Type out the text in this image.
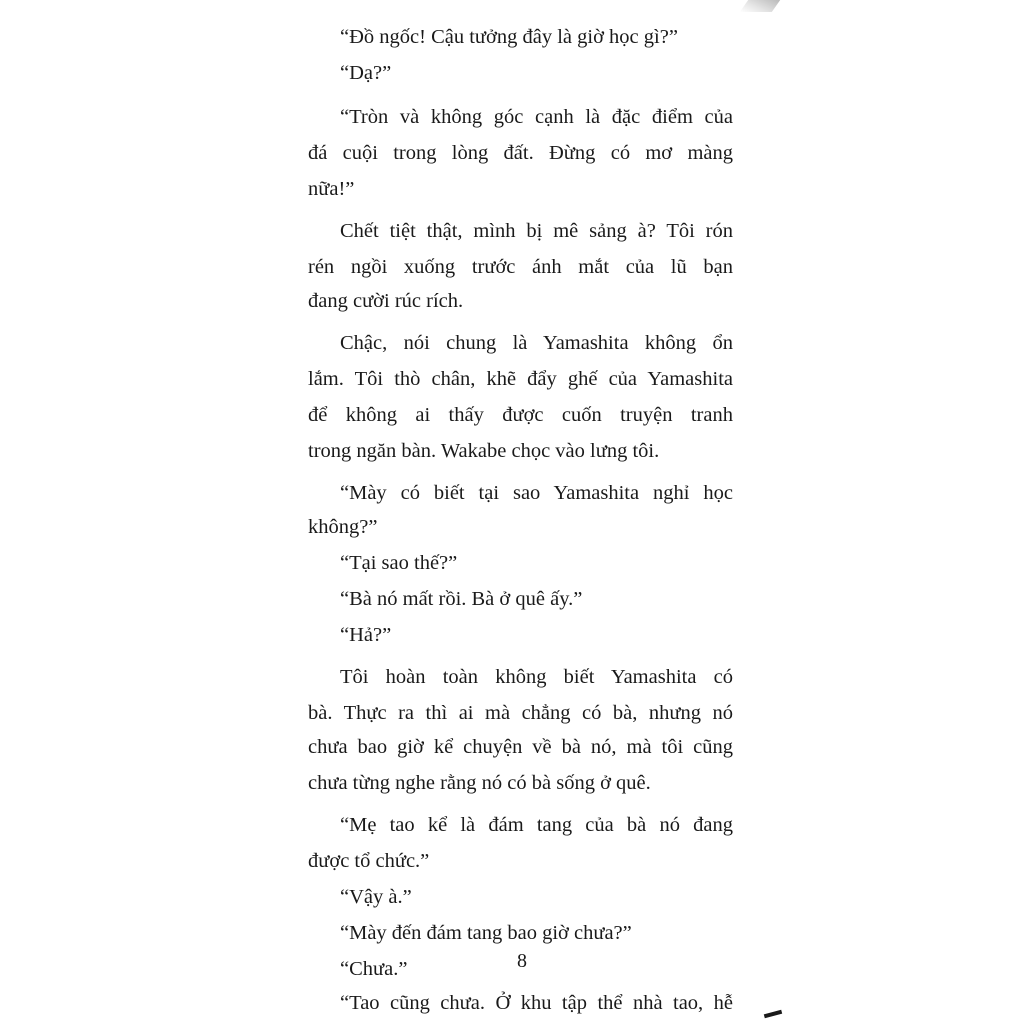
“Đồ ngốc! Cậu tưởng đây là giờ học gì?”
“Dạ?”
“Tròn và không góc cạnh là đặc điểm của
đá cuội trong lòng đất. Đừng có mơ màng
nữa!”
Chết tiệt thật, mình bị mê sảng à? Tôi rón
rén ngồi xuống trước ánh mắt của lũ bạn
đang cười rúc rích.
Chậc, nói chung là Yamashita không ổn
lắm. Tôi thò chân, khẽ đẩy ghế của Yamashita
để không ai thấy được cuốn truyện tranh
trong ngăn bàn. Wakabe chọc vào lưng tôi.
“Mày có biết tại sao Yamashita nghỉ học
không?”
“Tại sao thế?”
“Bà nó mất rồi. Bà ở quê ấy.”
“Hả?”
Tôi hoàn toàn không biết Yamashita có
bà. Thực ra thì ai mà chẳng có bà, nhưng nó
chưa bao giờ kể chuyện về bà nó, mà tôi cũng
chưa từng nghe rằng nó có bà sống ở quê.
“Mẹ tao kể là đám tang của bà nó đang
được tổ chức.”
“Vậy à.”
“Mày đến đám tang bao giờ chưa?”
“Chưa.”
“Tao cũng chưa. Ở khu tập thể nhà tao, hễ
8
